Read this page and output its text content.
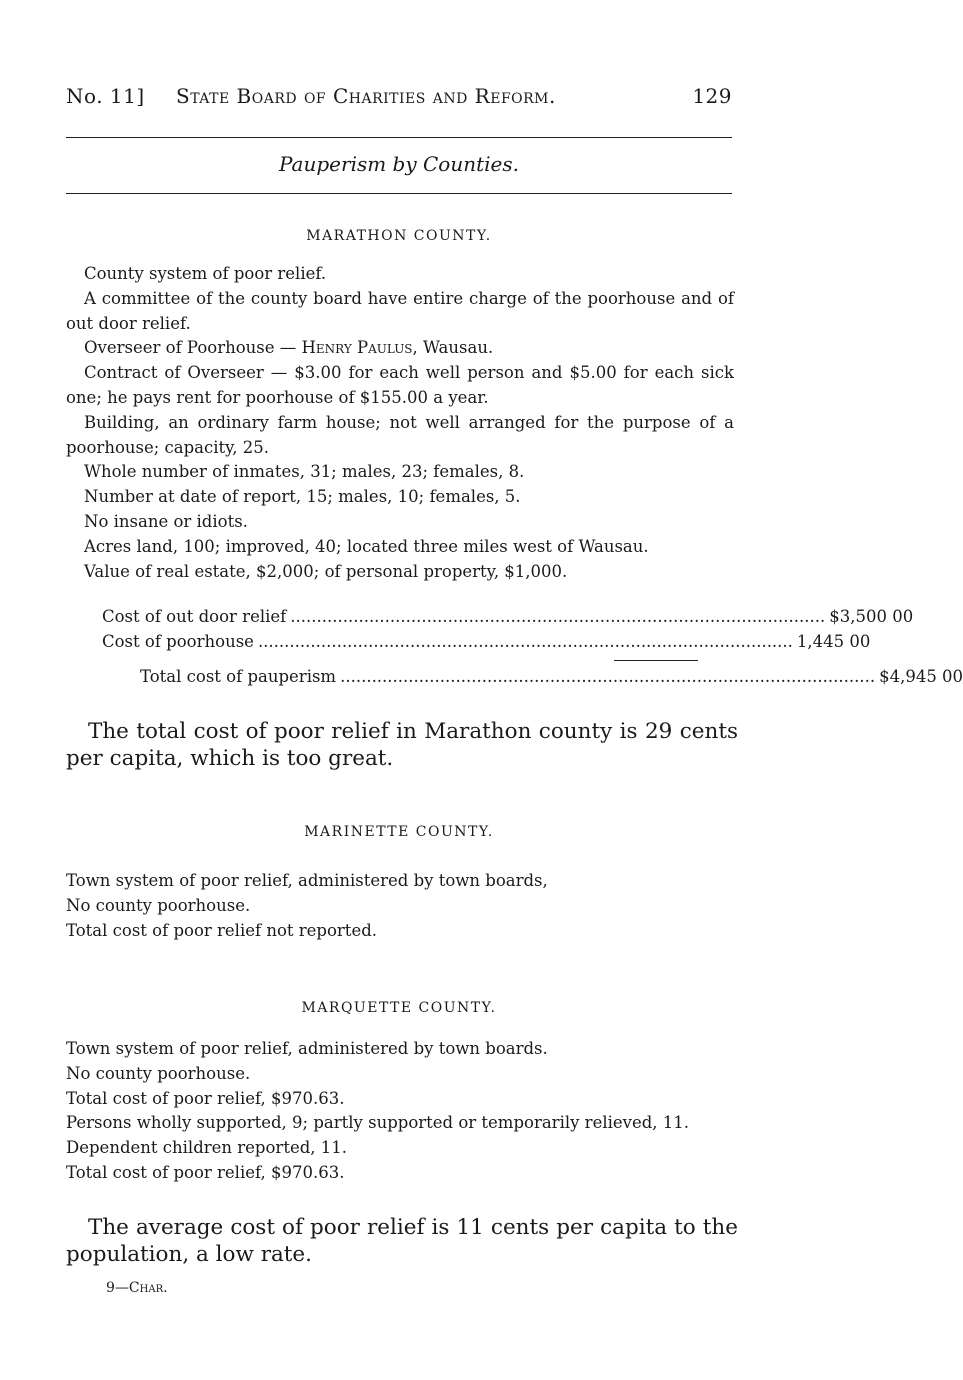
No. 11] State Board of Charities and Reform.	129
Pauperism by Counties.
MARATHON COUNTY.

County system of poor relief.

A committee of the county board have entire charge of the poorhouse and of out door relief.

Overseer of Poorhouse — Henry Paulus, Wausau.

Contract of Overseer — $3.00 for each well person and $5.00 for each sick one; he pays rent for poorhouse of $155.00 a year.

Building, an ordinary farm house; not well arranged for the purpose of a poorhouse; capacity, 25.

Whole number of inmates, 31; males, 23; females, 8.

Number at date of report, 15; males, 10; females, 5.

No insane or idiots.

Acres land, 100; improved, 40; located three miles west of Wausau.

Value of real estate, $2,000; of personal property, $1,000.

Cost of out door relief ...................................................................................................... $3,500 00
Cost of poorhouse ...................................................................................................... 1,445 00
Total cost of pauperism ...................................................................................................... $4,945 00

The total cost of poor relief in Marathon county is 29 cents per capita, which is too great.

MARINETTE COUNTY.

Town system of poor relief, administered by town boards,

No county poorhouse.

Total cost of poor relief not reported.

MARQUETTE COUNTY.

Town system of poor relief, administered by town boards.

No county poorhouse.

Total cost of poor relief, $970.63.

Persons wholly supported, 9; partly supported or temporarily relieved, 11.

Dependent children reported, 11.

Total cost of poor relief, $970.63.

The average cost of poor relief is 11 cents per capita to the population, a low rate.

9—Char.
